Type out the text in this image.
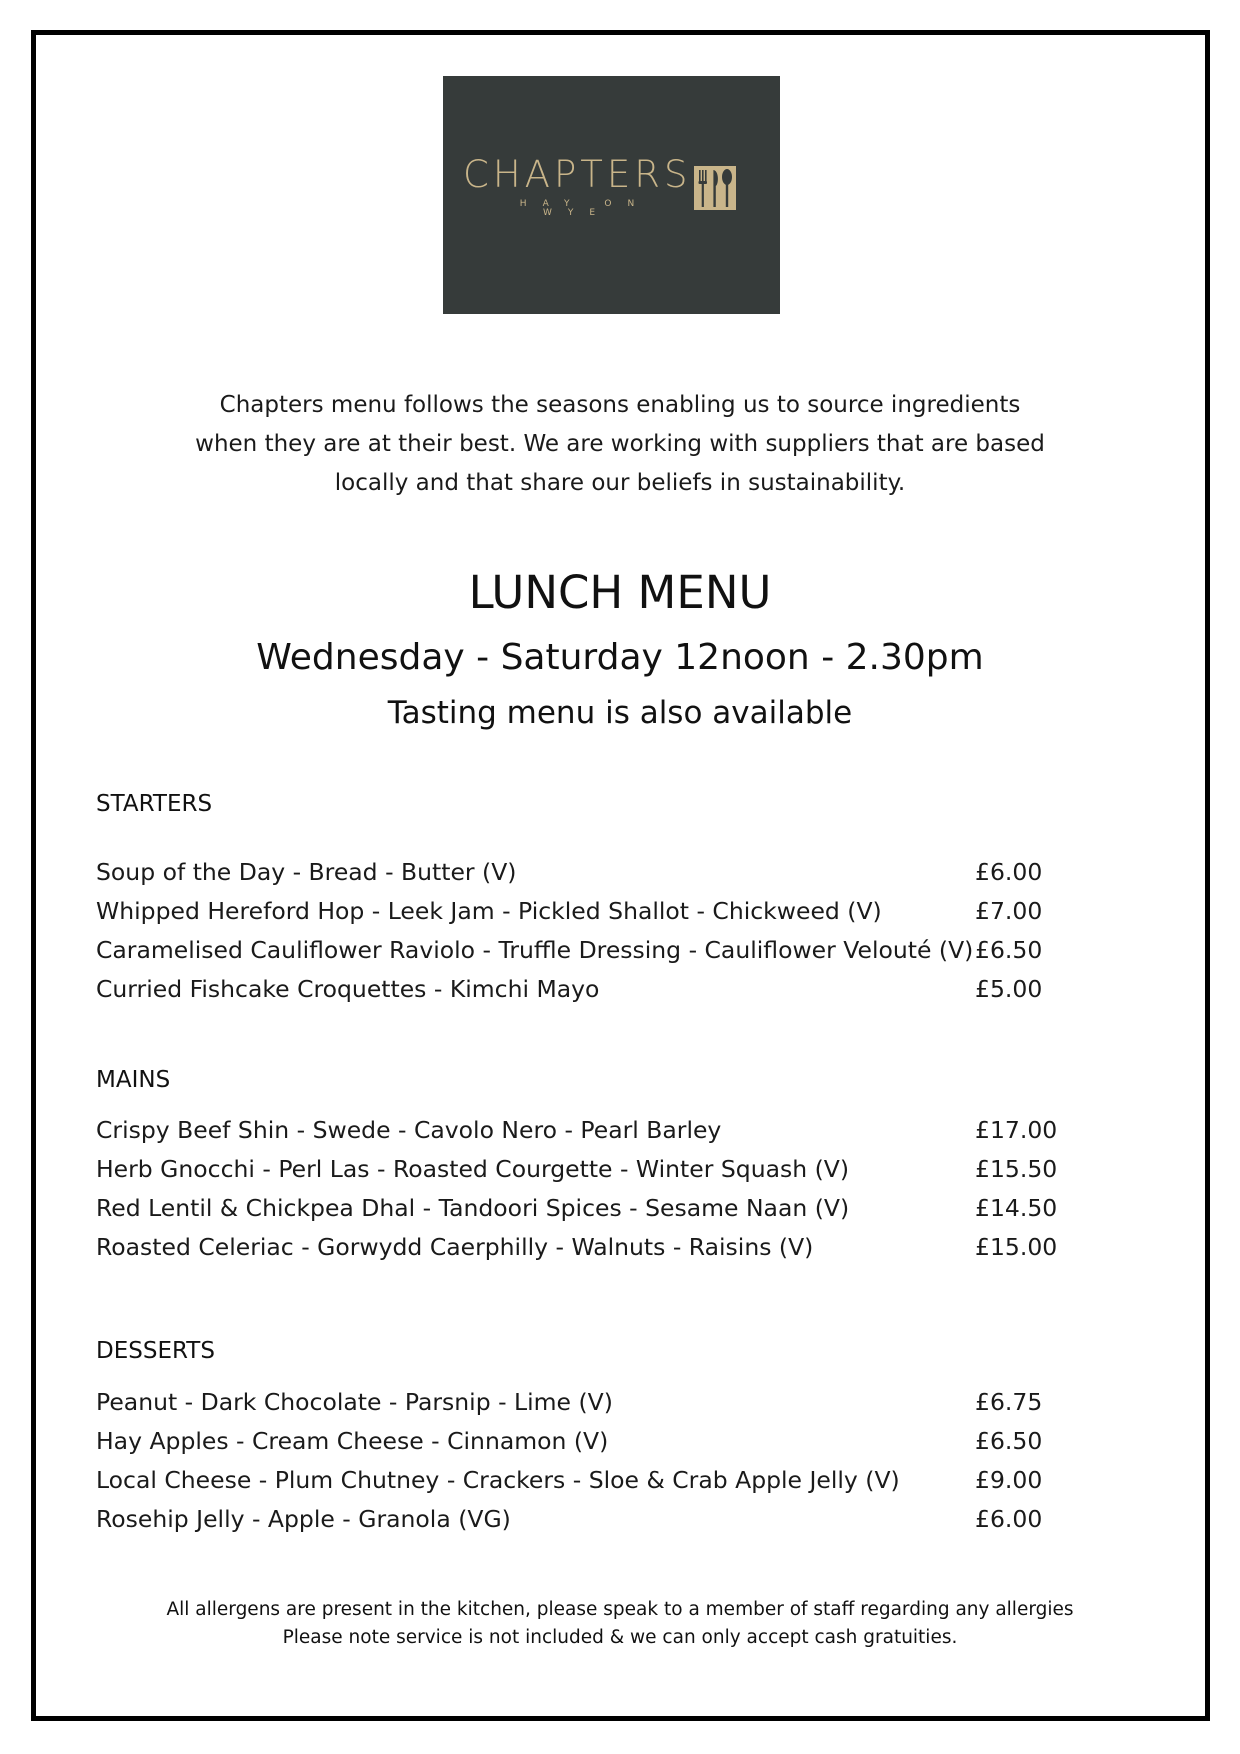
CHAPTERS
HAY ON WYE
Chapters menu follows the seasons enabling us to source ingredients
when they are at their best. We are working with suppliers that are based
locally and that share our beliefs in sustainability.
LUNCH MENU
Wednesday - Saturday 12noon - 2.30pm
Tasting menu is also available
STARTERS
Soup of the Day - Bread - Butter (V)	£6.00
Whipped Hereford Hop - Leek Jam - Pickled Shallot - Chickweed (V)	£7.00
Caramelised Cauliflower Raviolo - Truffle Dressing - Cauliflower Velouté (V) £6.50
Curried Fishcake Croquettes - Kimchi Mayo	£5.00
MAINS
Crispy Beef Shin - Swede - Cavolo Nero - Pearl Barley	£17.00
Herb Gnocchi - Perl Las - Roasted Courgette - Winter Squash (V)	£15.50
Red Lentil & Chickpea Dhal - Tandoori Spices - Sesame Naan (V)	£14.50
Roasted Celeriac - Gorwydd Caerphilly - Walnuts - Raisins (V)	£15.00
DESSERTS
Peanut - Dark Chocolate - Parsnip - Lime (V)	£6.75
Hay Apples - Cream Cheese - Cinnamon (V)	£6.50
Local Cheese - Plum Chutney - Crackers - Sloe & Crab Apple Jelly (V)	£9.00
Rosehip Jelly - Apple - Granola (VG)	£6.00
All allergens are present in the kitchen, please speak to a member of staff regarding any allergies
Please note service is not included & we can only accept cash gratuities.
